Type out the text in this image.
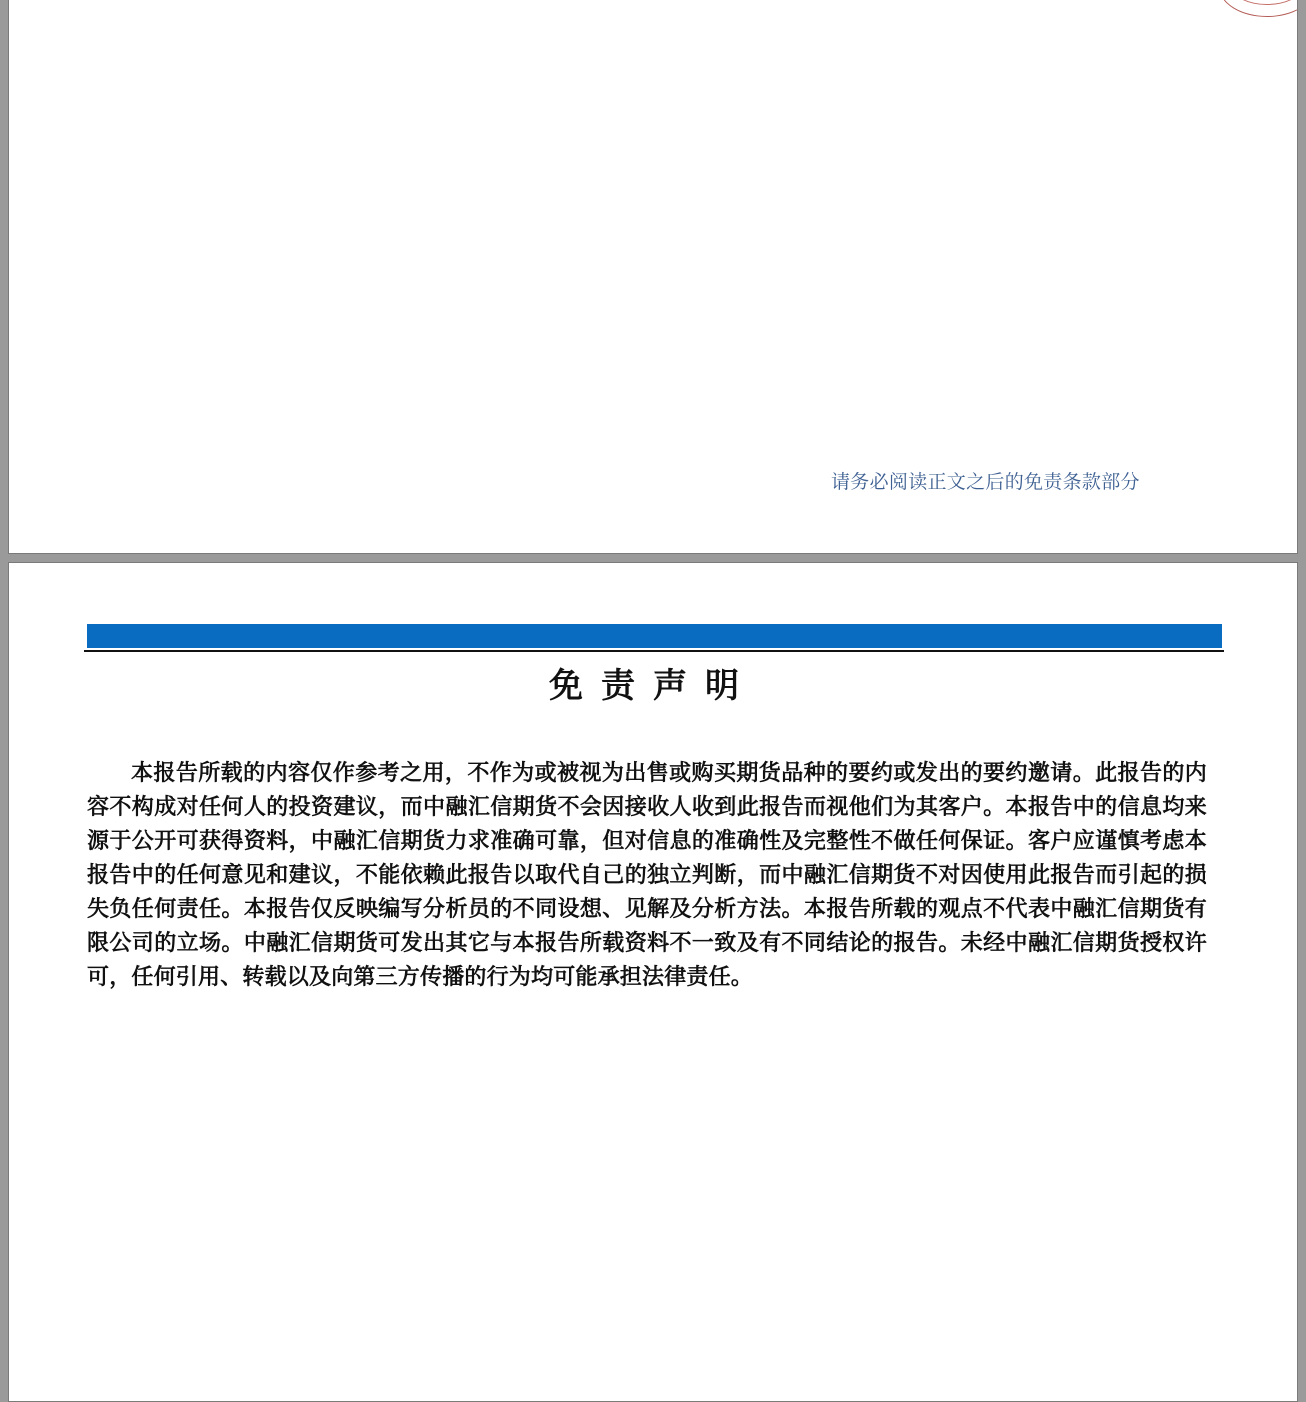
请务必阅读正文之后的免责条款部分
免责声明
本报告所载的内容仅作参考之用，不作为或被视为出售或购买期货品种的要约或发出的要约邀请。此报告的内容不构成对任何人的投资建议，而中融汇信期货不会因接收人收到此报告而视他们为其客户。本报告中的信息均来源于公开可获得资料，中融汇信期货力求准确可靠，但对信息的准确性及完整性不做任何保证。客户应谨慎考虑本报告中的任何意见和建议，不能依赖此报告以取代自己的独立判断，而中融汇信期货不对因使用此报告而引起的损失负任何责任。本报告仅反映编写分析员的不同设想、见解及分析方法。本报告所载的观点不代表中融汇信期货有限公司的立场。中融汇信期货可发出其它与本报告所载资料不一致及有不同结论的报告。未经中融汇信期货授权许可，任何引用、转载以及向第三方传播的行为均可能承担法律责任。
